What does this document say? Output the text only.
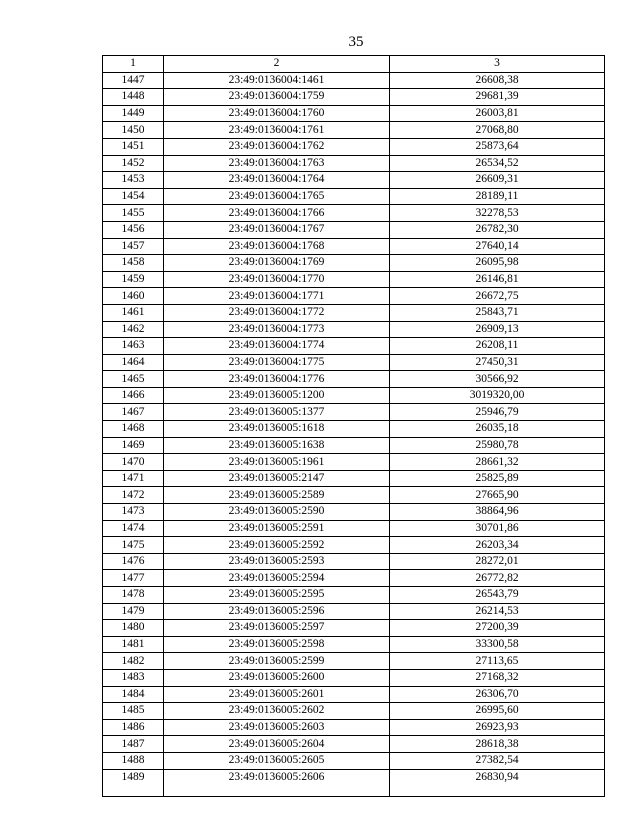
35
1	2	3
1447	23:49:0136004:1461	26608,38
1448	23:49:0136004:1759	29681,39
1449	23:49:0136004:1760	26003,81
1450	23:49:0136004:1761	27068,80
1451	23:49:0136004:1762	25873,64
1452	23:49:0136004:1763	26534,52
1453	23:49:0136004:1764	26609,31
1454	23:49:0136004:1765	28189,11
1455	23:49:0136004:1766	32278,53
1456	23:49:0136004:1767	26782,30
1457	23:49:0136004:1768	27640,14
1458	23:49:0136004:1769	26095,98
1459	23:49:0136004:1770	26146,81
1460	23:49:0136004:1771	26672,75
1461	23:49:0136004:1772	25843,71
1462	23:49:0136004:1773	26909,13
1463	23:49:0136004:1774	26208,11
1464	23:49:0136004:1775	27450,31
1465	23:49:0136004:1776	30566,92
1466	23:49:0136005:1200	3019320,00
1467	23:49:0136005:1377	25946,79
1468	23:49:0136005:1618	26035,18
1469	23:49:0136005:1638	25980,78
1470	23:49:0136005:1961	28661,32
1471	23:49:0136005:2147	25825,89
1472	23:49:0136005:2589	27665,90
1473	23:49:0136005:2590	38864,96
1474	23:49:0136005:2591	30701,86
1475	23:49:0136005:2592	26203,34
1476	23:49:0136005:2593	28272,01
1477	23:49:0136005:2594	26772,82
1478	23:49:0136005:2595	26543,79
1479	23:49:0136005:2596	26214,53
1480	23:49:0136005:2597	27200,39
1481	23:49:0136005:2598	33300,58
1482	23:49:0136005:2599	27113,65
1483	23:49:0136005:2600	27168,32
1484	23:49:0136005:2601	26306,70
1485	23:49:0136005:2602	26995,60
1486	23:49:0136005:2603	26923,93
1487	23:49:0136005:2604	28618,38
1488	23:49:0136005:2605	27382,54
1489	23:49:0136005:2606	26830,94
